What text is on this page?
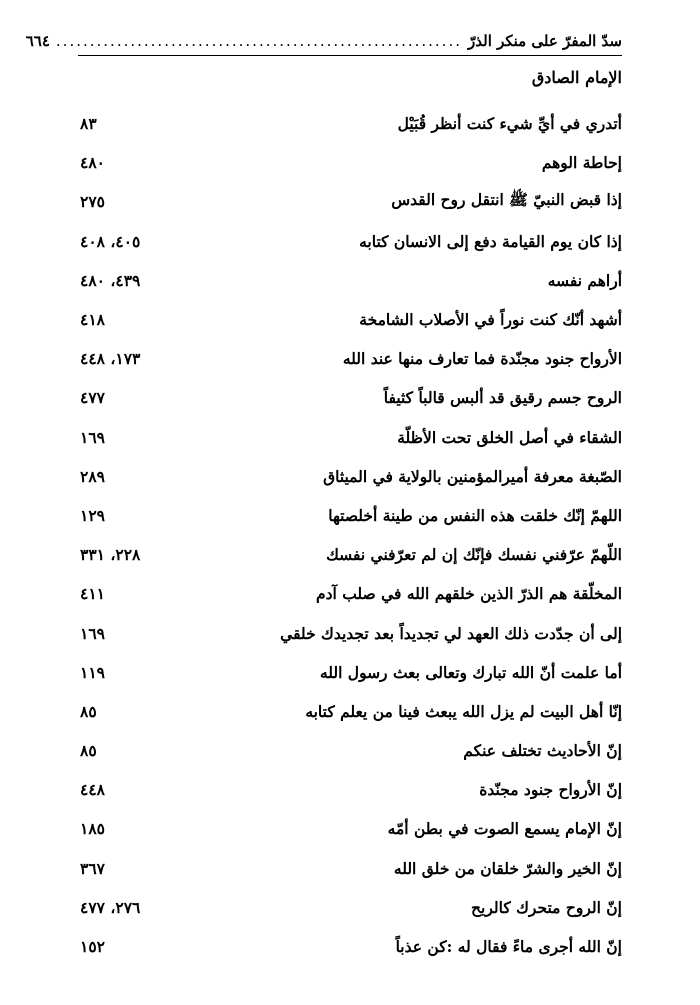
سدّ المفرّ على منكر الذرّ
............................................................
٦٦٤
الإمام الصادق
أتدري في أيِّ شيء كنت أنظر قُبَيْل
٨٣
إحاطة الوهم
٤٨٠
إذا قبض النبيّ ﷺ انتقل روح القدس
٢٧٥
إذا كان يوم القيامة دفع إلى الانسان كتابه
٤٠٥، ٤٠٨
أراهم نفسه
٤٣٩، ٤٨٠
أشهد أنّك كنت نوراً في الأصلاب الشامخة
٤١٨
الأرواح جنود مجنّدة فما تعارف منها عند الله
١٧٣، ٤٤٨
الروح جسم رقيق قد ألبس قالباً كثيفاً
٤٧٧
الشقاء في أصل الخلق تحت الأظلّة
١٦٩
الصّبغة معرفة أميرالمؤمنين بالولاية في الميثاق
٢٨٩
اللهمّ إنّك خلقت هذه النفس من طينة أخلصتها
١٢٩
اللّهمّ عرّفني نفسك فإنّك إن لم تعرّفني نفسك
٢٢٨، ٣٣١
المخلّقة هم الذرّ الذين خلقهم الله في صلب آدم
٤١١
إلى أن جدّدت ذلك العهد لي تجديداً بعد تجديدك خلقي
١٦٩
أما علمت أنّ الله تبارك وتعالى بعث رسول الله
١١٩
إنّا أهل البيت لم يزل الله يبعث فينا من يعلم كتابه
٨٥
إنّ الأحاديث تختلف عنكم
٨٥
إنّ الأرواح جنود مجنّدة
٤٤٨
إنّ الإمام يسمع الصوت في بطن أمّه
١٨٥
إنّ الخير والشرّ خلقان من خلق الله
٣٦٧
إنّ الروح متحرك كالريح
٢٧٦، ٤٧٧
إنّ الله أجرى ماءً فقال له :كن عذباً
١٥٢
